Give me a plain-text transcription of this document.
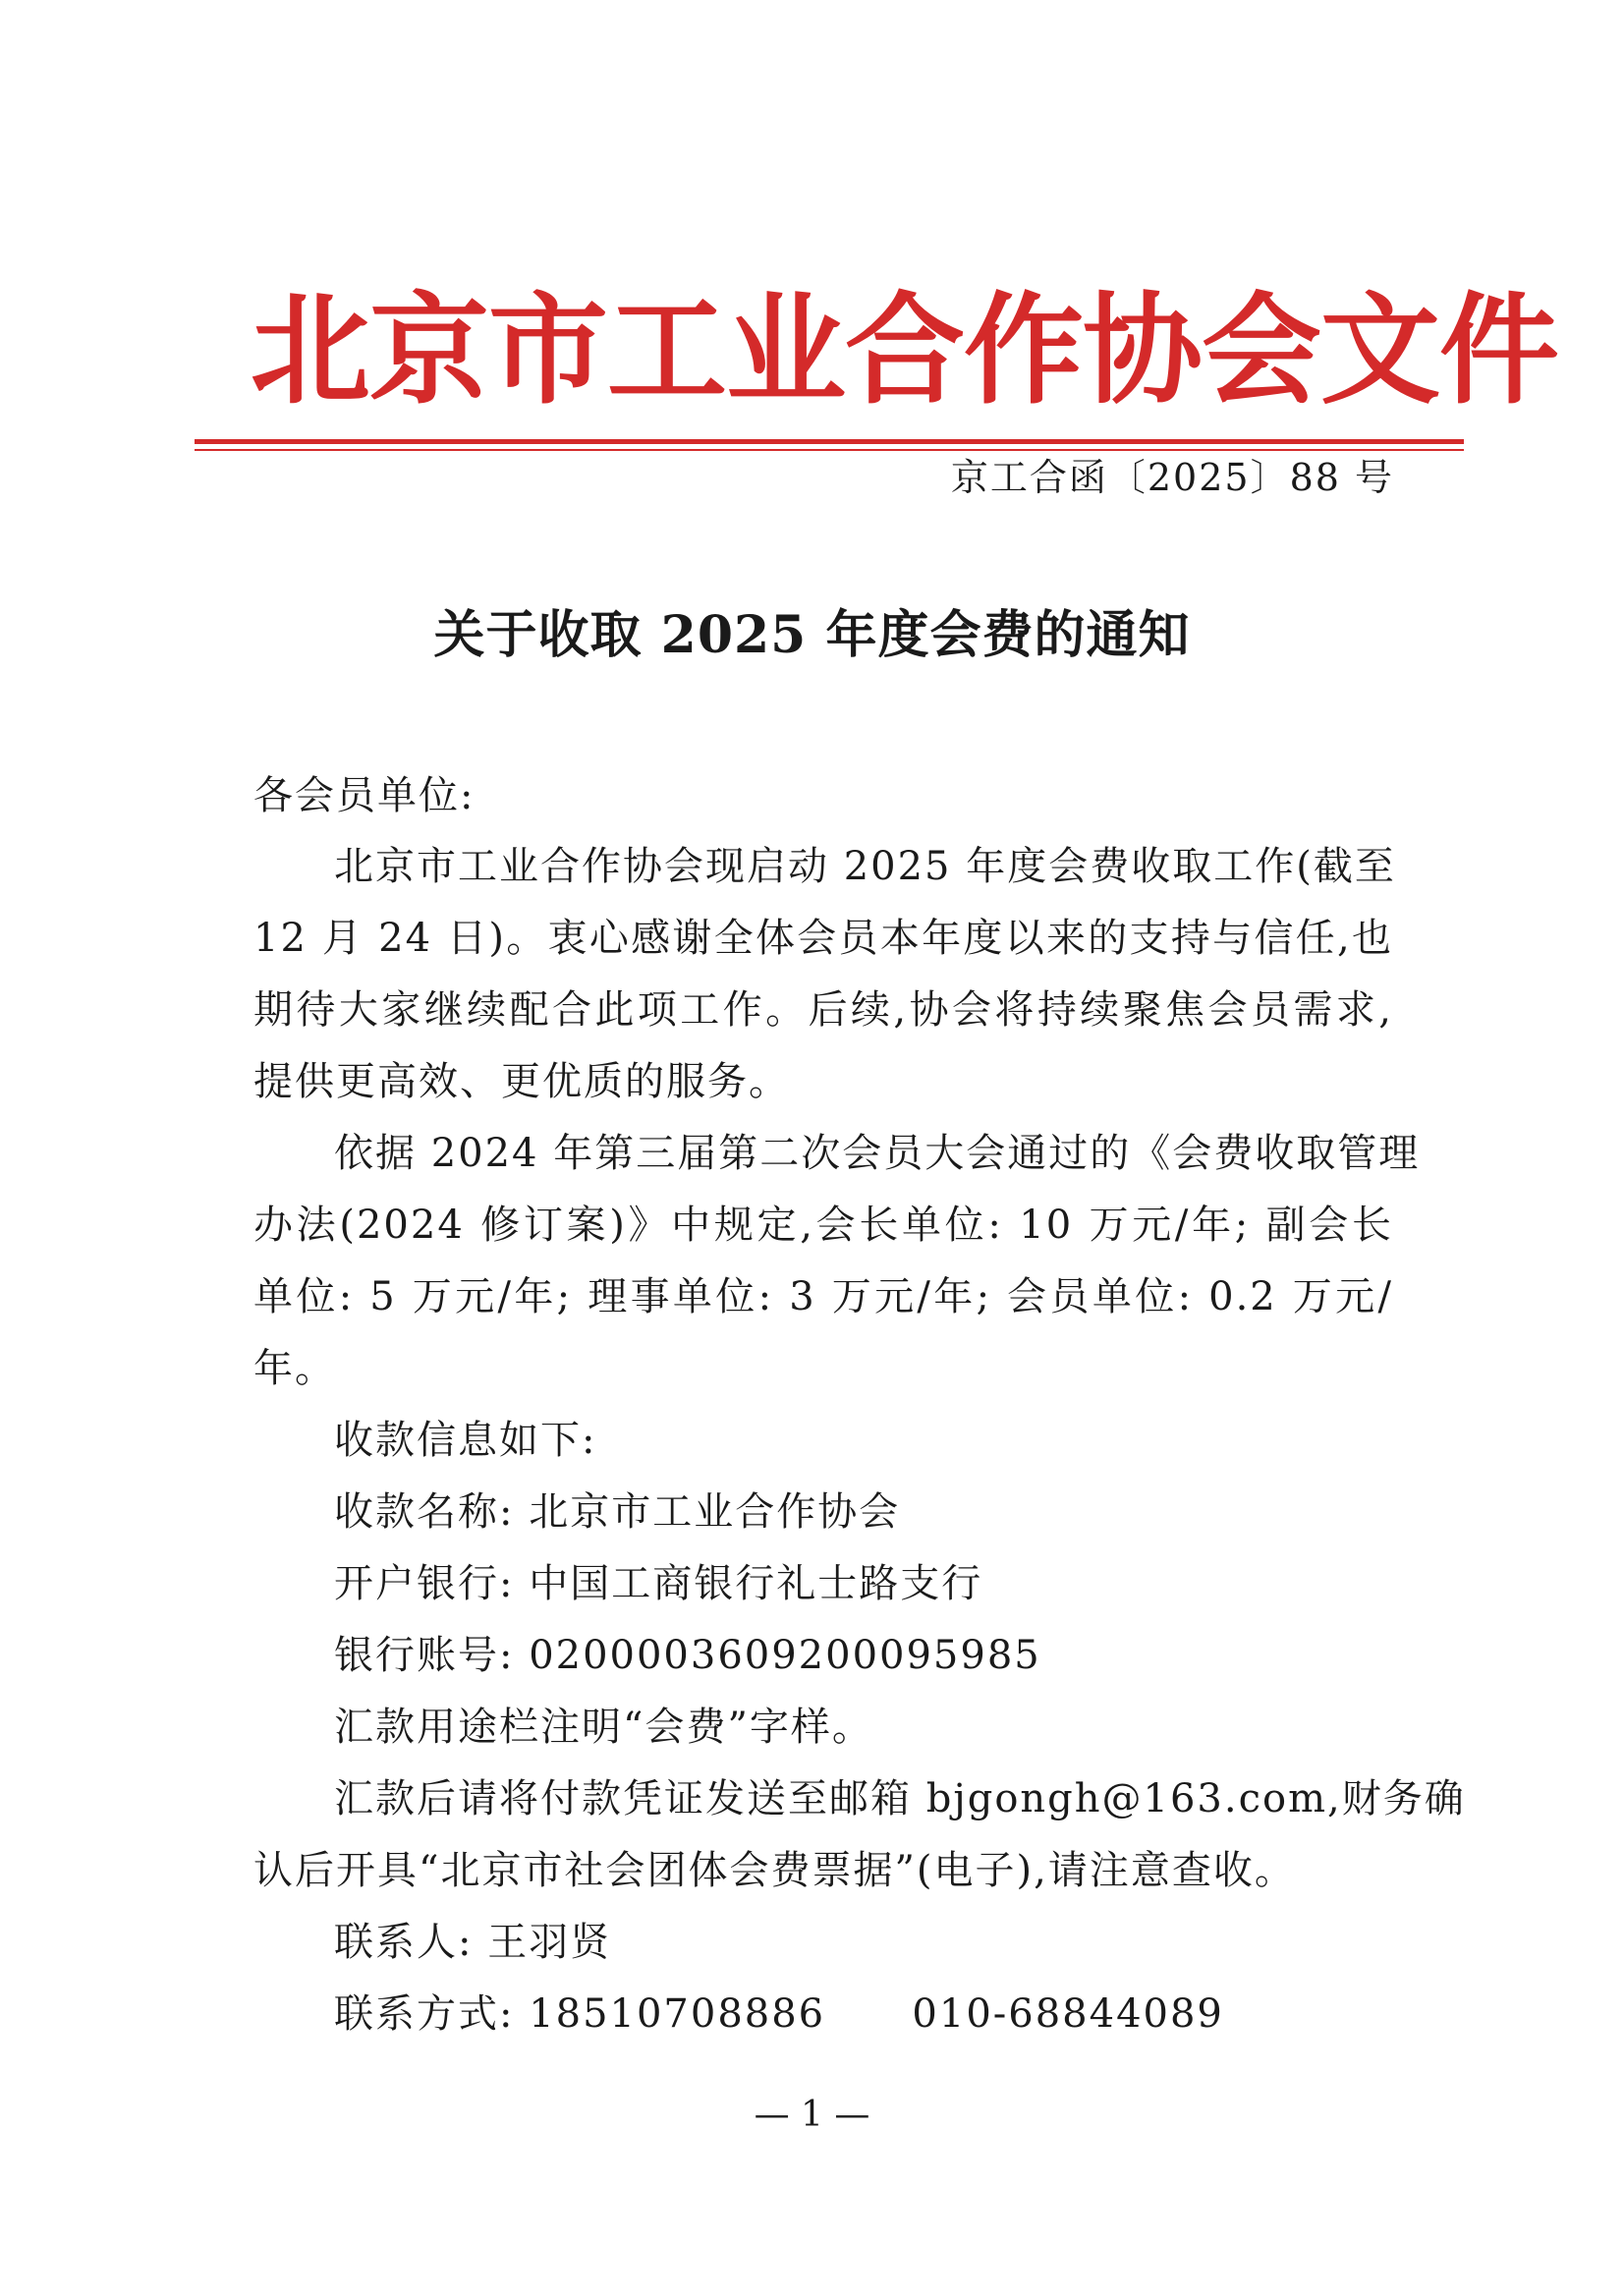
北京市工业合作协会文件
京工合函〔2025〕88 号
关于收取 2025 年度会费的通知
各会员单位:
北京市工业合作协会现启动 2025 年度会费收取工作(截至
12 月 24 日)。衷心感谢全体会员本年度以来的支持与信任,也
期待大家继续配合此项工作。后续,协会将持续聚焦会员需求,
提供更高效、更优质的服务。
依据 2024 年第三届第二次会员大会通过的《会费收取管理
办法(2024 修订案)》中规定,会长单位: 10 万元/年; 副会长
单位: 5 万元/年; 理事单位: 3 万元/年; 会员单位: 0.2 万元/
年。
收款信息如下:
收款名称: 北京市工业合作协会
开户银行: 中国工商银行礼士路支行
银行账号: 0200003609200095985
汇款用途栏注明“会费”字样。
汇款后请将付款凭证发送至邮箱 bjgongh@163.com,财务确
认后开具“北京市社会团体会费票据”(电子),请注意查收。
联系人: 王羽贤
联系方式: 18510708886      010-68844089
— 1 —
